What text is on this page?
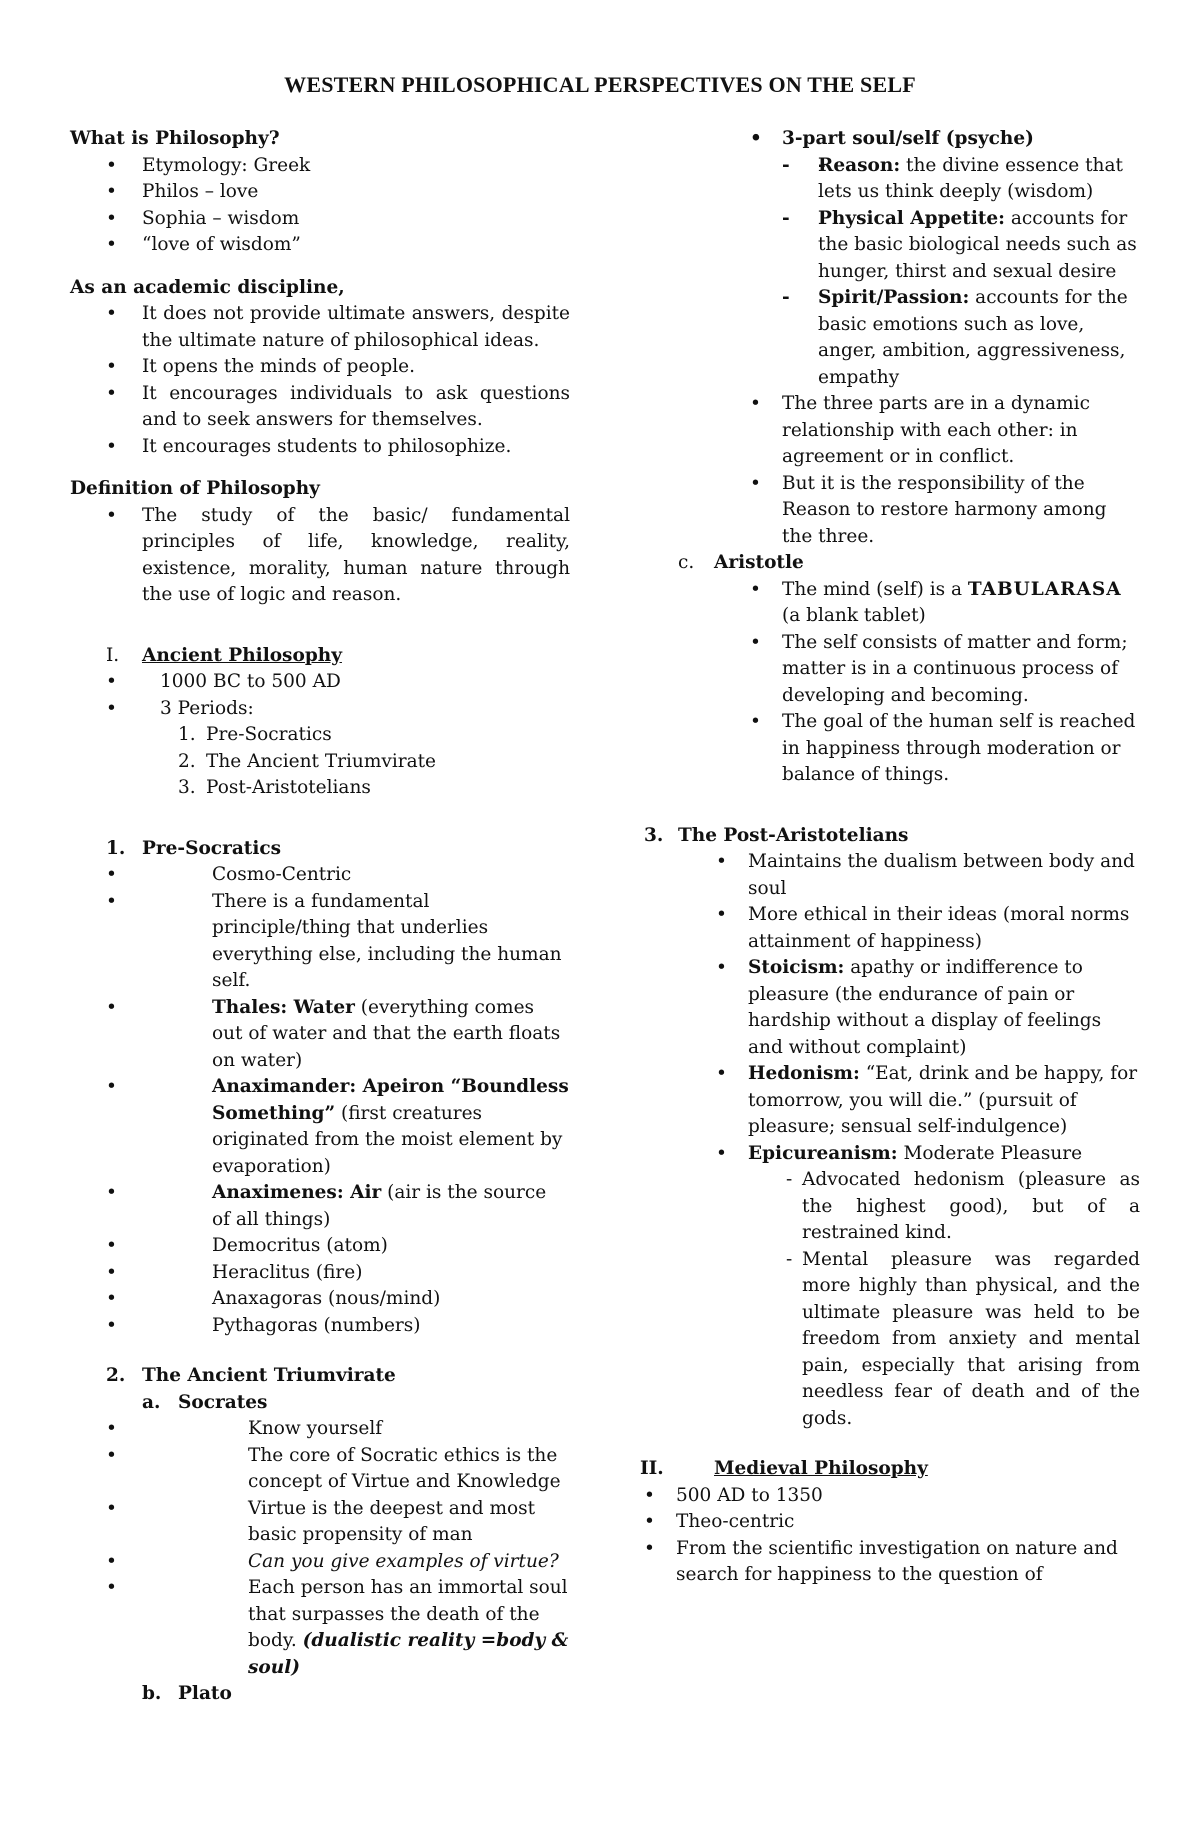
WESTERN PHILOSOPHICAL PERSPECTIVES ON THE SELF

What is Philosophy?

• Etymology: Greek
• Philos – love
• Sophia – wisdom
• “love of wisdom”

As an academic discipline,

• It does not provide ultimate answers, despite the ultimate nature of philosophical ideas.
• It opens the minds of people.
• It encourages individuals to ask questions and to seek answers for themselves.
• It encourages students to philosophize.

Definition of Philosophy

• The study of the basic/ fundamental principles of life, knowledge, reality, existence, morality, human nature through the use of logic and reason.
I. Ancient Philosophy
• 1000 BC to 500 AD
• 3 Periods:
1. Pre-Socratics
2. The Ancient Triumvirate
3. Post-Aristotelians
1. Pre-Socratics
• Cosmo-Centric
• There is a fundamental principle/thing that underlies everything else, including the human self.
• Thales: Water (everything comes out of water and that the earth floats on water)
• Anaximander: Apeiron “Boundless Something” (first creatures originated from the moist element by evaporation)
• Anaximenes: Air (air is the source of all things)
• Democritus (atom)
• Heraclitus (fire)
• Anaxagoras (nous/mind)
• Pythagoras (numbers)
2. The Ancient Triumvirate
a. Socrates
• Know yourself
• The core of Socratic ethics is the concept of Virtue and Knowledge
• Virtue is the deepest and most basic propensity of man
• Can you give examples of virtue?
• Each person has an immortal soul that surpasses the death of the body. (dualistic reality =body & soul)
b. Plato
• 3-part soul/self (psyche)
- - Reason: the divine essence that lets us think deeply (wisdom)
- Physical Appetite: accounts for the basic biological needs such as hunger, thirst and sexual desire
- Spirit/Passion: accounts for the basic emotions such as love, anger, ambition, aggressiveness, empathy
• The three parts are in a dynamic relationship with each other: in agreement or in conflict.
• But it is the responsibility of the Reason to restore harmony among the three.
c. Aristotle
• The mind (self) is a TABULARASA (a blank tablet)
• The self consists of matter and form; matter is in a continuous process of developing and becoming.
• The goal of the human self is reached in happiness through moderation or balance of things.
3. The Post-Aristotelians
• Maintains the dualism between body and soul
• More ethical in their ideas (moral norms attainment of happiness)
• Stoicism: apathy or indifference to pleasure (the endurance of pain or hardship without a display of feelings and without complaint)
• Hedonism: “Eat, drink and be happy, for tomorrow, you will die.” (pursuit of pleasure; sensual self-indulgence)
• Epicureanism: Moderate Pleasure
- Advocated hedonism (pleasure as the highest good), but of a restrained kind.
- Mental pleasure was regarded more highly than physical, and the ultimate pleasure was held to be freedom from anxiety and mental pain, especially that arising from needless fear of death and of the gods.
II.	Medieval Philosophy
• 500 AD to 1350
• Theo-centric
• From the scientific investigation on nature and search for happiness to the question of
